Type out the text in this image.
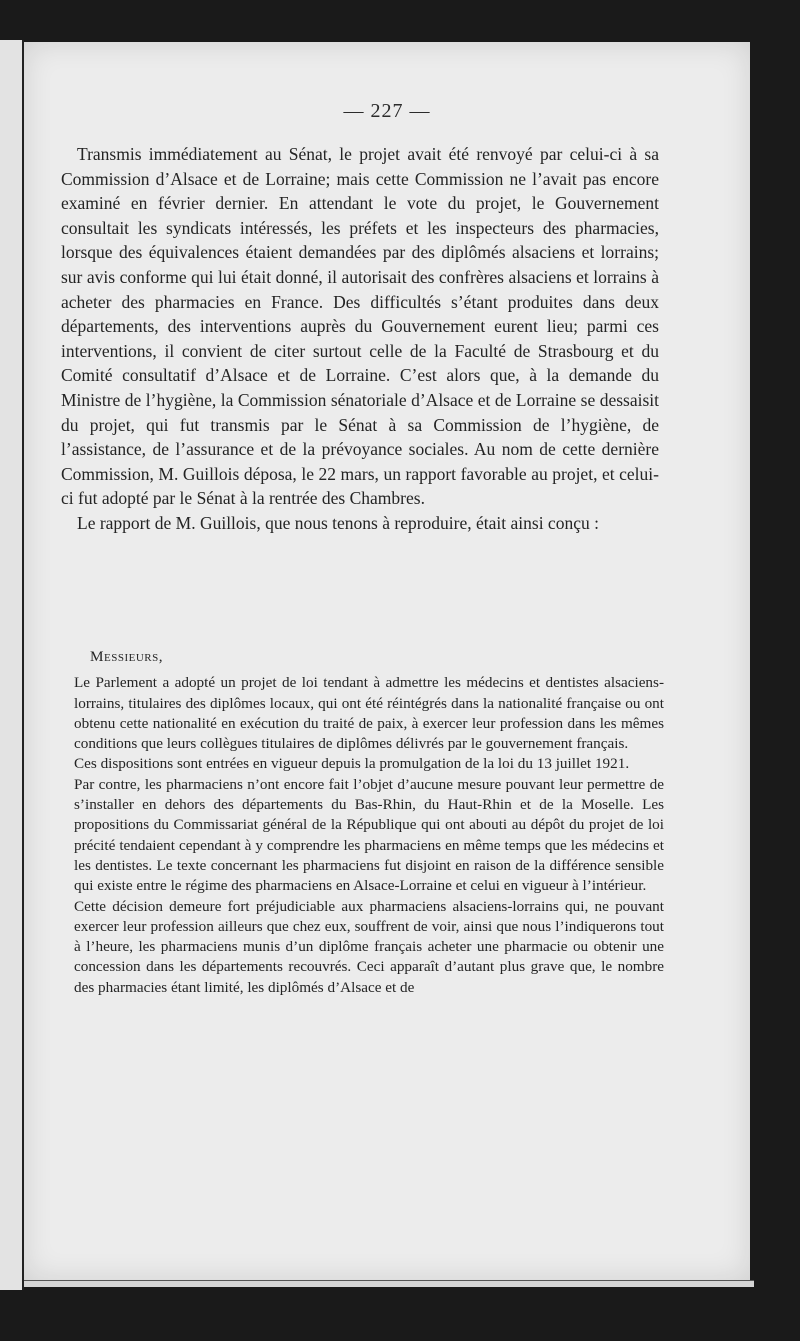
— 227 —

Transmis immédiatement au Sénat, le projet avait été renvoyé par celui-ci à sa Commission d’Alsace et de Lorraine; mais cette Commission ne l’avait pas encore examiné en février dernier. En attendant le vote du projet, le Gouvernement consultait les syndicats intéressés, les préfets et les inspecteurs des pharmacies, lorsque des équivalences étaient demandées par des diplômés alsaciens et lorrains; sur avis conforme qui lui était donné, il autorisait des confrères alsaciens et lorrains à acheter des pharmacies en France. Des difficultés s’étant produites dans deux départements, des interventions auprès du Gouvernement eurent lieu; parmi ces interventions, il convient de citer surtout celle de la Faculté de Strasbourg et du Comité consultatif d’Alsace et de Lorraine. C’est alors que, à la demande du Ministre de l’hygiène, la Commission sénatoriale d’Alsace et de Lorraine se dessaisit du projet, qui fut transmis par le Sénat à sa Commission de l’hygiène, de l’assistance, de l’assurance et de la prévoyance sociales. Au nom de cette dernière Commission, M. Guillois déposa, le 22 mars, un rapport favorable au projet, et celui-ci fut adopté par le Sénat à la rentrée des Chambres.

Le rapport de M. Guillois, que nous tenons à reproduire, était ainsi conçu :

Messieurs,

Le Parlement a adopté un projet de loi tendant à admettre les médecins et dentistes alsaciens-lorrains, titulaires des diplômes locaux, qui ont été réintégrés dans la nationalité française ou ont obtenu cette nationalité en exécution du traité de paix, à exercer leur profession dans les mêmes conditions que leurs collègues titulaires de diplômes délivrés par le gouvernement français.

Ces dispositions sont entrées en vigueur depuis la promulgation de la loi du 13 juillet 1921.

Par contre, les pharmaciens n’ont encore fait l’objet d’aucune mesure pouvant leur permettre de s’installer en dehors des départements du Bas-Rhin, du Haut-Rhin et de la Moselle. Les propositions du Commissariat général de la République qui ont abouti au dépôt du projet de loi précité tendaient cependant à y comprendre les pharmaciens en même temps que les médecins et les dentistes. Le texte concernant les pharmaciens fut disjoint en raison de la différence sensible qui existe entre le régime des pharmaciens en Alsace-Lorraine et celui en vigueur à l’intérieur.

Cette décision demeure fort préjudiciable aux pharmaciens alsaciens-lorrains qui, ne pouvant exercer leur profession ailleurs que chez eux, souffrent de voir, ainsi que nous l’indiquerons tout à l’heure, les pharmaciens munis d’un diplôme français acheter une pharmacie ou obtenir une concession dans les départements recouvrés. Ceci apparaît d’autant plus grave que, le nombre des pharmacies étant limité, les diplômés d’Alsace et de
